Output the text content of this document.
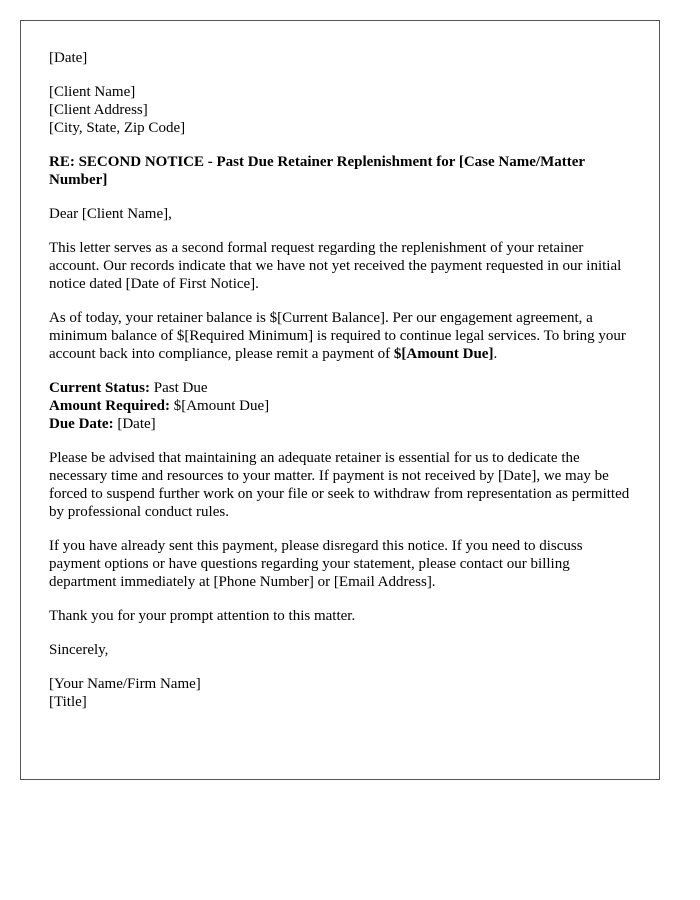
[Date]
[Client Name]
[Client Address]
[City, State, Zip Code]
RE: SECOND NOTICE - Past Due Retainer Replenishment for [Case Name/Matter Number]
Dear [Client Name],
This letter serves as a second formal request regarding the replenishment of your retainer account. Our records indicate that we have not yet received the payment requested in our initial notice dated [Date of First Notice].
As of today, your retainer balance is $[Current Balance]. Per our engagement agreement, a minimum balance of $[Required Minimum] is required to continue legal services. To bring your account back into compliance, please remit a payment of $[Amount Due].
Current Status: Past Due
Amount Required: $[Amount Due]
Due Date: [Date]
Please be advised that maintaining an adequate retainer is essential for us to dedicate the necessary time and resources to your matter. If payment is not received by [Date], we may be forced to suspend further work on your file or seek to withdraw from representation as permitted by professional conduct rules.
If you have already sent this payment, please disregard this notice. If you need to discuss payment options or have questions regarding your statement, please contact our billing department immediately at [Phone Number] or [Email Address].
Thank you for your prompt attention to this matter.
Sincerely,
[Your Name/Firm Name]
[Title]
